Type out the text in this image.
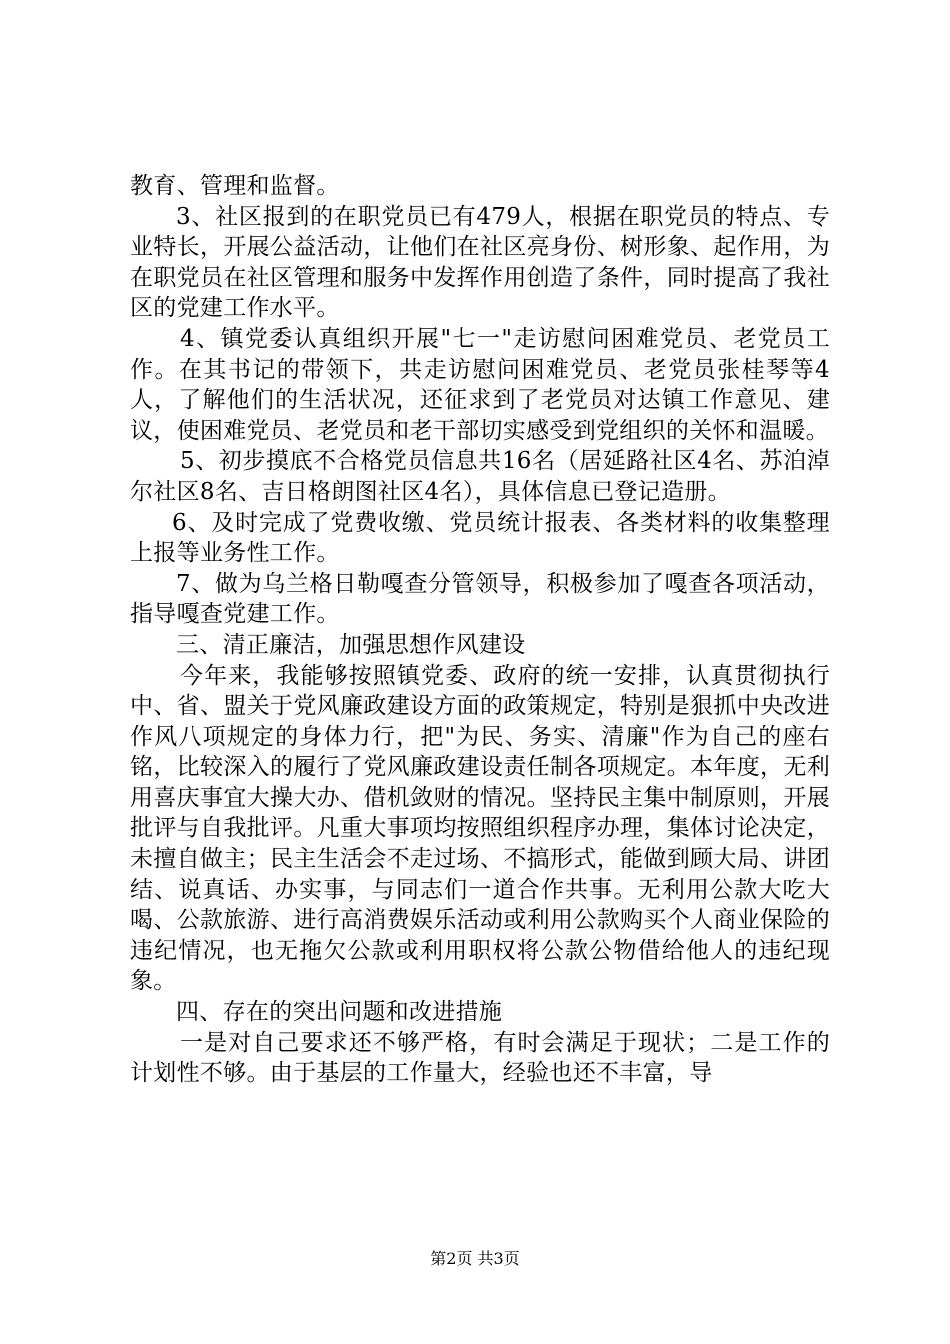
教育、管理和监督。

3、社区报到的在职党员已有479人，根据在职党员的特点、专业特长，开展公益活动，让他们在社区亮身份、树形象、起作用，为在职党员在社区管理和服务中发挥作用创造了条件，同时提高了我社区的党建工作水平。

4、镇党委认真组织开展"七一"走访慰问困难党员、老党员工作。在其书记的带领下，共走访慰问困难党员、老党员张桂琴等4人，了解他们的生活状况，还征求到了老党员对达镇工作意见、建议，使困难党员、老党员和老干部切实感受到党组织的关怀和温暖。

5、初步摸底不合格党员信息共16名（居延路社区4名、苏泊淖尔社区8名、吉日格朗图社区4名），具体信息已登记造册。

6、及时完成了党费收缴、党员统计报表、各类材料的收集整理上报等业务性工作。

7、做为乌兰格日勒嘎查分管领导，积极参加了嘎查各项活动，指导嘎查党建工作。

三、清正廉洁，加强思想作风建设

今年来，我能够按照镇党委、政府的统一安排，认真贯彻执行中、省、盟关于党风廉政建设方面的政策规定，特别是狠抓中央改进作风八项规定的身体力行，把"为民、务实、清廉"作为自己的座右铭，比较深入的履行了党风廉政建设责任制各项规定。本年度，无利用喜庆事宜大操大办、借机敛财的情况。坚持民主集中制原则，开展批评与自我批评。凡重大事项均按照组织程序办理，集体讨论决定，未擅自做主；民主生活会不走过场、不搞形式，能做到顾大局、讲团结、说真话、办实事，与同志们一道合作共事。无利用公款大吃大喝、公款旅游、进行高消费娱乐活动或利用公款购买个人商业保险的违纪情况，也无拖欠公款或利用职权将公款公物借给他人的违纪现象。

四、存在的突出问题和改进措施

一是对自己要求还不够严格，有时会满足于现状；二是工作的计划性不够。由于基层的工作量大，经验也还不丰富，导

第2页 共3页
